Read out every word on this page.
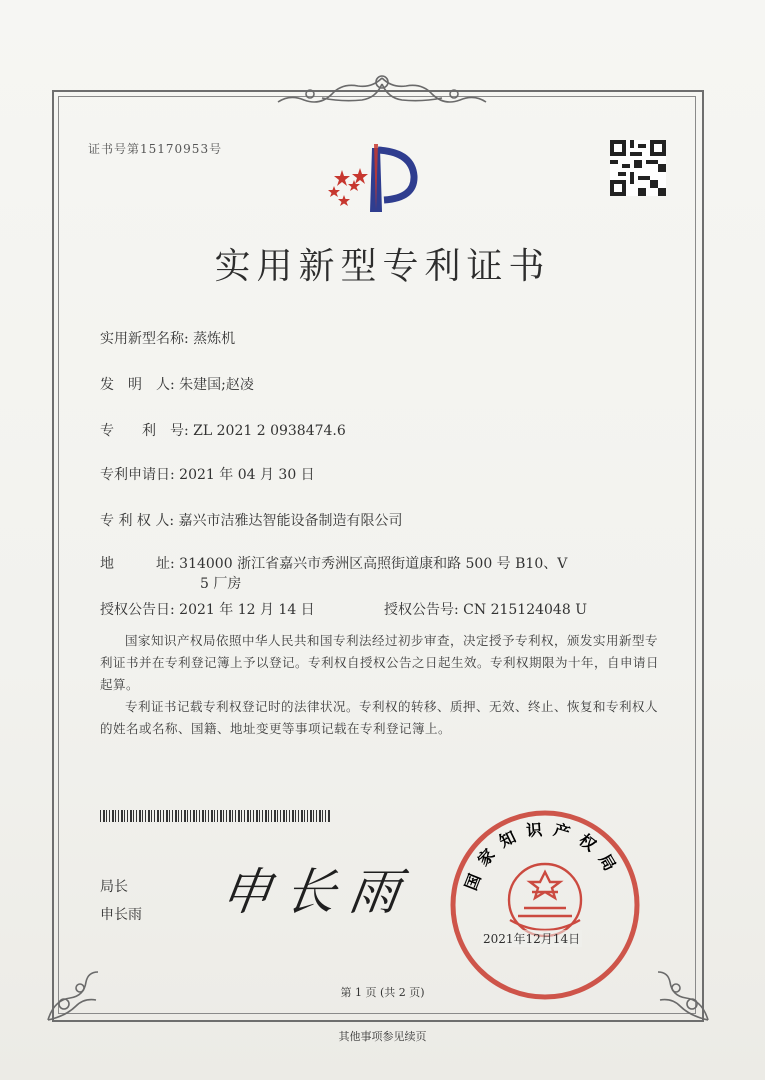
证书号第15170953号
实用新型专利证书
实用新型名称: 蒸炼机
发　明　人: 朱建国;赵凌
专　　利　号: ZL 2021 2 0938474.6
专利申请日: 2021 年 04 月 30 日
专 利 权 人: 嘉兴市洁雅达智能设备制造有限公司
地　　　址: 314000 浙江省嘉兴市秀洲区高照街道康和路 500 号 B10、V
5 厂房
授权公告日: 2021 年 12 月 14 日	授权公告号: CN 215124048 U
国家知识产权局依照中华人民共和国专利法经过初步审查，决定授予专利权，颁发实用新型专利证书并在专利登记簿上予以登记。专利权自授权公告之日起生效。专利权期限为十年，自申请日起算。
专利证书记载专利权登记时的法律状况。专利权的转移、质押、无效、终止、恢复和专利权人的姓名或名称、国籍、地址变更等事项记载在专利登记簿上。
局长
申长雨 申长雨	国家知识产权局
2021年12月14日
第 1 页 (共 2 页)
其他事项参见续页
